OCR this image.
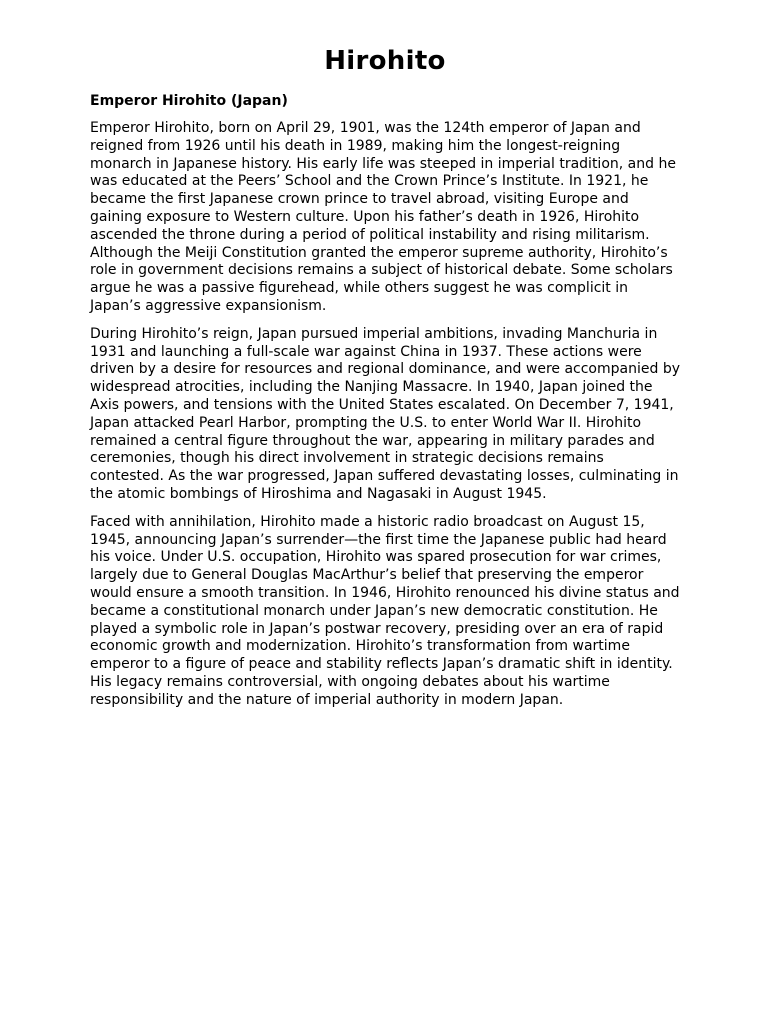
Hirohito
Emperor Hirohito (Japan)

Emperor Hirohito, born on April 29, 1901, was the 124th emperor of Japan and reigned from 1926 until his death in 1989, making him the longest-reigning monarch in Japanese history. His early life was steeped in imperial tradition, and he was educated at the Peers’ School and the Crown Prince’s Institute. In 1921, he became the first Japanese crown prince to travel abroad, visiting Europe and gaining exposure to Western culture. Upon his father’s death in 1926, Hirohito ascended the throne during a period of political instability and rising militarism. Although the Meiji Constitution granted the emperor supreme authority, Hirohito’s role in government decisions remains a subject of historical debate. Some scholars argue he was a passive figurehead, while others suggest he was complicit in Japan’s aggressive expansionism.

During Hirohito’s reign, Japan pursued imperial ambitions, invading Manchuria in 1931 and launching a full-scale war against China in 1937. These actions were driven by a desire for resources and regional dominance, and were accompanied by widespread atrocities, including the Nanjing Massacre. In 1940, Japan joined the Axis powers, and tensions with the United States escalated. On December 7, 1941, Japan attacked Pearl Harbor, prompting the U.S. to enter World War II. Hirohito remained a central figure throughout the war, appearing in military parades and ceremonies, though his direct involvement in strategic decisions remains contested. As the war progressed, Japan suffered devastating losses, culminating in the atomic bombings of Hiroshima and Nagasaki in August 1945.

Faced with annihilation, Hirohito made a historic radio broadcast on August 15, 1945, announcing Japan’s surrender—the first time the Japanese public had heard his voice. Under U.S. occupation, Hirohito was spared prosecution for war crimes, largely due to General Douglas MacArthur’s belief that preserving the emperor would ensure a smooth transition. In 1946, Hirohito renounced his divine status and became a constitutional monarch under Japan’s new democratic constitution. He played a symbolic role in Japan’s postwar recovery, presiding over an era of rapid economic growth and modernization. Hirohito’s transformation from wartime emperor to a figure of peace and stability reflects Japan’s dramatic shift in identity. His legacy remains controversial, with ongoing debates about his wartime responsibility and the nature of imperial authority in modern Japan.
